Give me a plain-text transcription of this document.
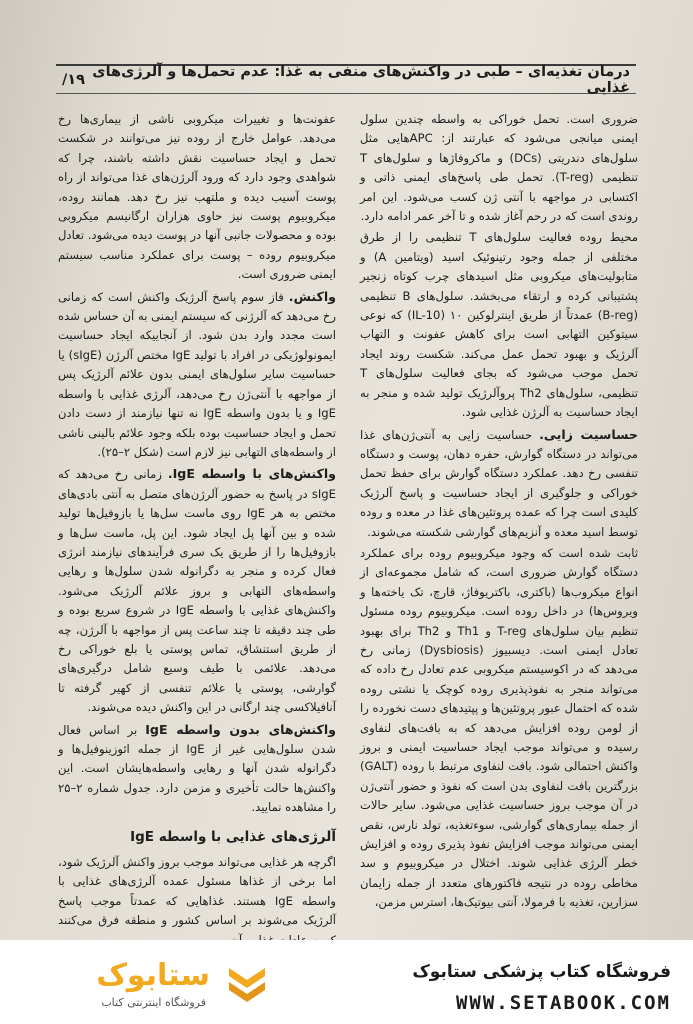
درمان تغذیه‌ای – طبی در واکنش‌های منفی به غذا: عدم تحمل‌ها و آلرژی‌های غذایی
۱۹/

ضروری است. تحمل خوراکی به واسطه چندین سلول ایمنی میانجی می‌شود که عبارتند از: APCهایی مثل سلول‌های دندریتی (DCs) و ماکروفاژها و سلول‌های T تنظیمی (T-reg). تحمل طی پاسخ‌های ایمنی ذاتی و اکتسابی در مواجهه با آنتی ژن کسب می‌شود. این امر روندی است که در رحم آغاز شده و تا آخر عمر ادامه دارد.

محیط روده فعالیت سلول‌های T تنظیمی را از طرق مختلفی از جمله وجود رتینوئیک اسید (ویتامین A) و متابولیت‌های میکروبی مثل اسیدهای چرب کوتاه زنجیر پشتیبانی کرده و ارتقاء می‌بخشد. سلول‌های B تنظیمی (B-reg) عمدتاً از طریق اینترلوکین ۱۰ (IL-10) که نوعی سیتوکین التهابی است برای کاهش عفونت و التهاب آلرژیک و بهبود تحمل عمل می‌کند. شکست روند ایجاد تحمل موجب می‌شود که بجای فعالیت سلول‌های T تنظیمی، سلول‌های Th2 پروآلرژیک تولید شده و منجر به ایجاد حساسیت به آلرژن غذایی شود.

حساسیت زایی. حساسیت زایی به آنتی‌ژن‌های غذا می‌تواند در دستگاه گوارش، حفره دهان، پوست و دستگاه تنفسی رخ دهد. عملکرد دستگاه گوارش برای حفظ تحمل خوراکی و جلوگیری از ایجاد حساسیت و پاسخ آلرژیک کلیدی است چرا که عمده پروتئین‌های غذا در معده و روده توسط اسید معده و آنزیم‌های گوارشی شکسته می‌شوند.

ثابت شده است که وجود میکروبیوم روده برای عملکرد دستگاه گوارش ضروری است، که شامل مجموعه‌ای از انواع میکروب‌ها (باکتری، باکتریوفاژ، قارچ، تک یاخته‌ها و ویروس‌ها) در داخل روده است. میکروبیوم روده مسئول تنظیم بیان سلول‌های T-reg و Th1 و Th2 برای بهبود تعادل ایمنی است. دیسبیوز (Dysbiosis) زمانی رخ می‌دهد که در اکوسیستم میکروبی عدم تعادل رخ داده که می‌تواند منجر به نفوذپذیری روده کوچک یا نشتی روده شده که احتمال عبور پروتئین‌ها و پپتیدهای دست نخورده را از لومن روده افزایش می‌دهد که به بافت‌های لنفاوی رسیده و می‌تواند موجب ایجاد حساسیت ایمنی و بروز واکنش احتمالی شود. بافت لنفاوی مرتبط با روده (GALT) بزرگترین بافت لنفاوی بدن است که نفوذ و حضور آنتی‌ژن در آن موجب بروز حساسیت غذایی می‌شود. سایر حالات از جمله بیماری‌های گوارشی، سوءتغذیه، تولد نارس، نقص ایمنی می‌تواند موجب افزایش نفوذ پذیری روده و افزایش خطر آلرژی غذایی شوند. اختلال در میکروبیوم و سد مخاطی روده در نتیجه فاکتورهای متعدد از جمله زایمان سزارین، تغذیه با فرمولا، آنتی بیوتیک‌ها، استرس مزمن،

عفونت‌ها و تغییرات میکروبی ناشی از بیماری‌ها رخ می‌دهد. عوامل خارج از روده نیز می‌توانند در شکست تحمل و ایجاد حساسیت نقش داشته باشند، چرا که شواهدی وجود دارد که ورود آلرژن‌های غذا می‌تواند از راه پوست آسیب دیده و ملتهب نیز رخ دهد. همانند روده، میکروبیوم پوست نیز حاوی هزاران ارگانیسم میکروبی بوده و محصولات جانبی آنها در پوست دیده می‌شود. تعادل میکروبیوم روده – پوست برای عملکرد مناسب سیستم ایمنی ضروری است.

واکنش. فاز سوم پاسخ آلرژیک واکنش است که زمانی رخ می‌دهد که آلرژنی که سیستم ایمنی به آن حساس شده است مجدد وارد بدن شود. از آنجاییکه ایجاد حساسیت ایمونولوژیکی در افراد با تولید IgE مختص آلرژن (sIgE) یا حساسیت سایر سلول‌های ایمنی بدون علائم آلرژیک پس از مواجهه با آنتی‌ژن رخ می‌دهد، آلرژی غذایی با واسطه IgE و یا بدون واسطه IgE نه تنها نیازمند از دست دادن تحمل و ایجاد حساسیت بوده بلکه وجود علائم بالینی ناشی از واسطه‌های التهابی نیز لازم است (شکل ۲–۲۵).

واکنش‌های با واسطه IgE. زمانی رخ می‌دهد که sIgE در پاسخ به حضور آلرژن‌های متصل به آنتی بادی‌های مختص به هر IgE روی ماست سل‌ها یا بازوفیل‌ها تولید شده و بین آنها پل ایجاد شود. این پل، ماست سل‌ها و بازوفیل‌ها را از طریق یک سری فرآیندهای نیازمند انرژی فعال کرده و منجر به دگرانوله شدن سلول‌ها و رهایی واسطه‌های التهابی و بروز علائم آلرژیک می‌شود. واکنش‌های غذایی با واسطه IgE در شروع سریع بوده و طی چند دقیقه تا چند ساعت پس از مواجهه با آلرژن، چه از طریق استنشاق، تماس پوستی یا بلع خوراکی رخ می‌دهد. علائمی با طیف وسیع شامل درگیری‌های گوارشی، پوستی یا علائم تنفسی از کهیر گرفته تا آنافیلاکسی چند ارگانی در این واکنش دیده می‌شوند.

واکنش‌های بدون واسطه IgE بر اساس فعال شدن سلول‌هایی غیر از IgE از جمله ائوزینوفیل‌ها و دگرانوله شدن آنها و رهایی واسطه‌هایشان است. این واکنش‌ها حالت تأخیری و مزمن دارد. جدول شماره ۲–۲۵ را مشاهده نمایید.

آلرژی‌های غذایی با واسطه IgE

اگرچه هر غذایی می‌تواند موجب بروز واکنش آلرژیک شود، اما برخی از غذاها مسئول عمده آلرژی‌های غذایی با واسطه IgE هستند. غذاهایی که عمدتاً موجب پاسخ آلرژیک می‌شوند بر اساس کشور و منطقه فرق می‌کنند

ستابوک
فروشگاه اینترنتی کتاب
فروشگاه کتاب پزشکی ستابوک
WWW.SETABOOK.COM
